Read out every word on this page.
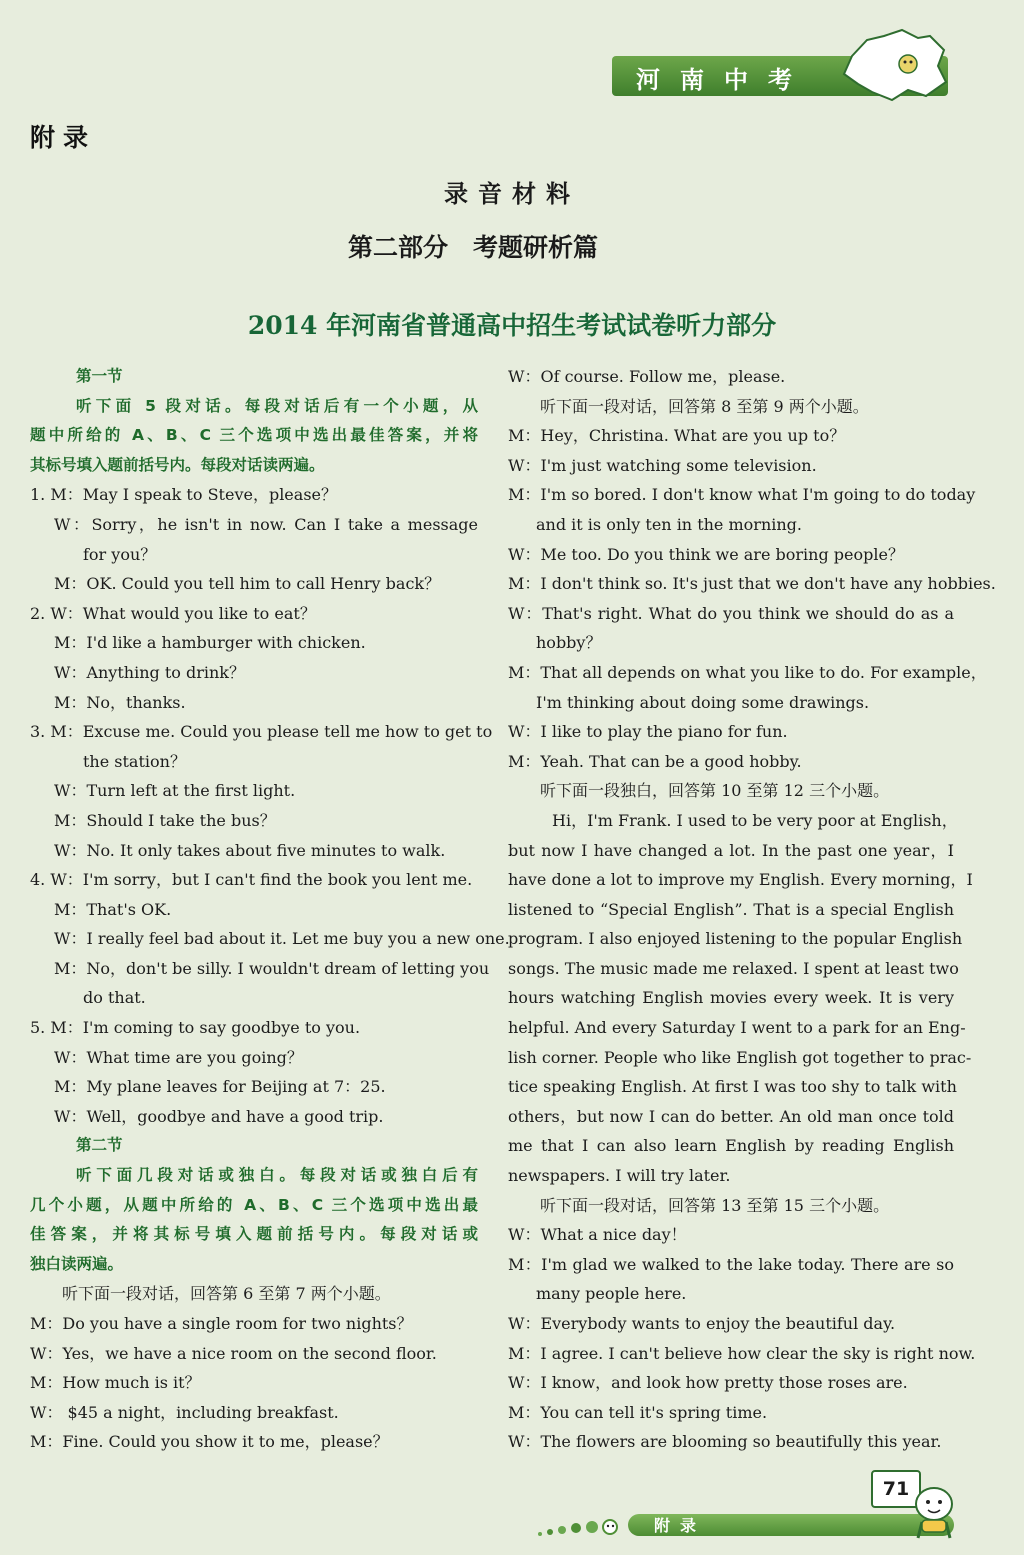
河南中考
附录
录音材料
第二部分　考题研析篇
2014 年河南省普通高中招生考试试卷听力部分
第一节
听下面 5 段对话。每段对话后有一个小题，从
题中所给的 A、B、C 三个选项中选出最佳答案，并将
其标号填入题前括号内。每段对话读两遍。
1. M：May I speak to Steve，please？
W：Sorry，he isn't in now. Can I take a message
for you？
M：OK. Could you tell him to call Henry back？
2. W：What would you like to eat？
M：I'd like a hamburger with chicken.
W：Anything to drink？
M：No，thanks.
3. M：Excuse me. Could you please tell me how to get to
the station？
W：Turn left at the first light.
M：Should I take the bus？
W：No. It only takes about five minutes to walk.
4. W：I'm sorry，but I can't find the book you lent me.
M：That's OK.
W：I really feel bad about it. Let me buy you a new one.
M：No，don't be silly. I wouldn't dream of letting you
do that.
5. M：I'm coming to say goodbye to you.
W：What time are you going？
M：My plane leaves for Beijing at 7：25.
W：Well，goodbye and have a good trip.
第二节
听下面几段对话或独白。每段对话或独白后有
几个小题，从题中所给的 A、B、C 三个选项中选出最
佳答案，并将其标号填入题前括号内。每段对话或
独白读两遍。
听下面一段对话，回答第 6 至第 7 两个小题。
M：Do you have a single room for two nights？
W：Yes，we have a nice room on the second floor.
M：How much is it？
W： $45 a night，including breakfast.
M：Fine. Could you show it to me，please？
W：Of course. Follow me，please.
听下面一段对话，回答第 8 至第 9 两个小题。
M：Hey，Christina. What are you up to？
W：I'm just watching some television.
M：I'm so bored. I don't know what I'm going to do today
and it is only ten in the morning.
W：Me too. Do you think we are boring people？
M：I don't think so. It's just that we don't have any hobbies.
W：That's right. What do you think we should do as a
hobby？
M：That all depends on what you like to do. For example，
I'm thinking about doing some drawings.
W：I like to play the piano for fun.
M：Yeah. That can be a good hobby.
听下面一段独白，回答第 10 至第 12 三个小题。
Hi，I'm Frank. I used to be very poor at English，
but now I have changed a lot. In the past one year，I
have done a lot to improve my English. Every morning，I
listened to “Special English”. That is a special English
program. I also enjoyed listening to the popular English
songs. The music made me relaxed. I spent at least two
hours watching English movies every week. It is very
helpful. And every Saturday I went to a park for an Eng-
lish corner. People who like English got together to prac-
tice speaking English. At first I was too shy to talk with
others，but now I can do better. An old man once told
me that I can also learn English by reading English
newspapers. I will try later.
听下面一段对话，回答第 13 至第 15 三个小题。
W：What a nice day！
M：I'm glad we walked to the lake today. There are so
many people here.
W：Everybody wants to enjoy the beautiful day.
M：I agree. I can't believe how clear the sky is right now.
W：I know，and look how pretty those roses are.
M：You can tell it's spring time.
W：The flowers are blooming so beautifully this year.
71
附录
